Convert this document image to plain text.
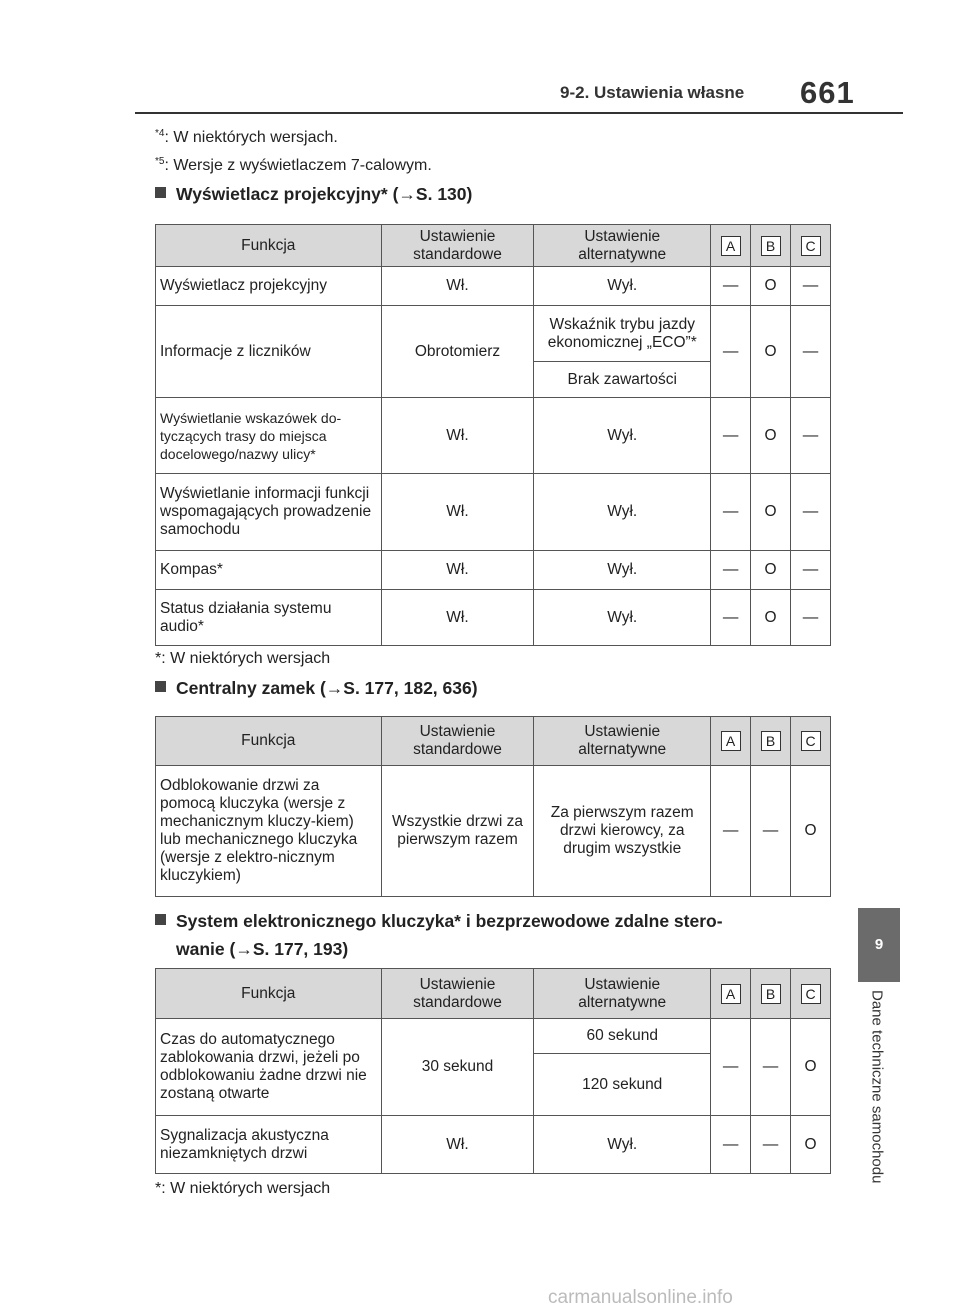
9-2. Ustawienia własne 661
9
Dane techniczne samochodu
$^{*4}$: W niektórych wersjach.
$^{*5}$: Wersje z wyświetlaczem 7-calowym.
Wyświetlacz projekcyjny* (→S. 130)
Funkcja	Ustawienie standardowe	Ustawienie alternatywne	A	B	C
Wyświetlacz projekcyjny	Wł.	Wył.	—	O	—
Informacje z liczników	Obrotomierz	Wskaźnik trybu jazdy ekonomicznej „ECO”*	—	O	—
		Brak zawartości			
Wyświetlanie wskazówek do-tyczących trasy do miejsca docelowego/nazwy ulicy*	Wł.	Wył.	—	O	—
Wyświetlanie informacji funkcji wspomagających prowadzenie samochodu	Wł.	Wył.	—	O	—
Kompas*	Wł.	Wył.	—	O	—
Status działania systemu audio*	Wł.	Wył.	—	O	—
*: W niektórych wersjach
Centralny zamek (→S. 177, 182, 636)
Funkcja	Ustawienie standardowe	Ustawienie alternatywne	A	B	C
Odblokowanie drzwi za pomocą kluczyka (wersje z mechanicznym kluczy-kiem) lub mechanicznego kluczyka (wersje z elektro-nicznym kluczykiem)	Wszystkie drzwi za pierwszym razem	Za pierwszym razem drzwi kierowcy, za drugim wszystkie	—	—	O
System elektronicznego kluczyka* i bezprzewodowe zdalne stero-
wanie (→S. 177, 193)
Funkcja	Ustawienie standardowe	Ustawienie alternatywne	A	B	C
Czas do automatycznego zablokowania drzwi, jeżeli po odblokowaniu żadne drzwi nie zostaną otwarte	30 sekund	60 sekund	—	—	O
		120 sekund			
Sygnalizacja akustyczna niezamkniętych drzwi	Wł.	Wył.	—	—	O
*: W niektórych wersjach
carmanualsonline.info
